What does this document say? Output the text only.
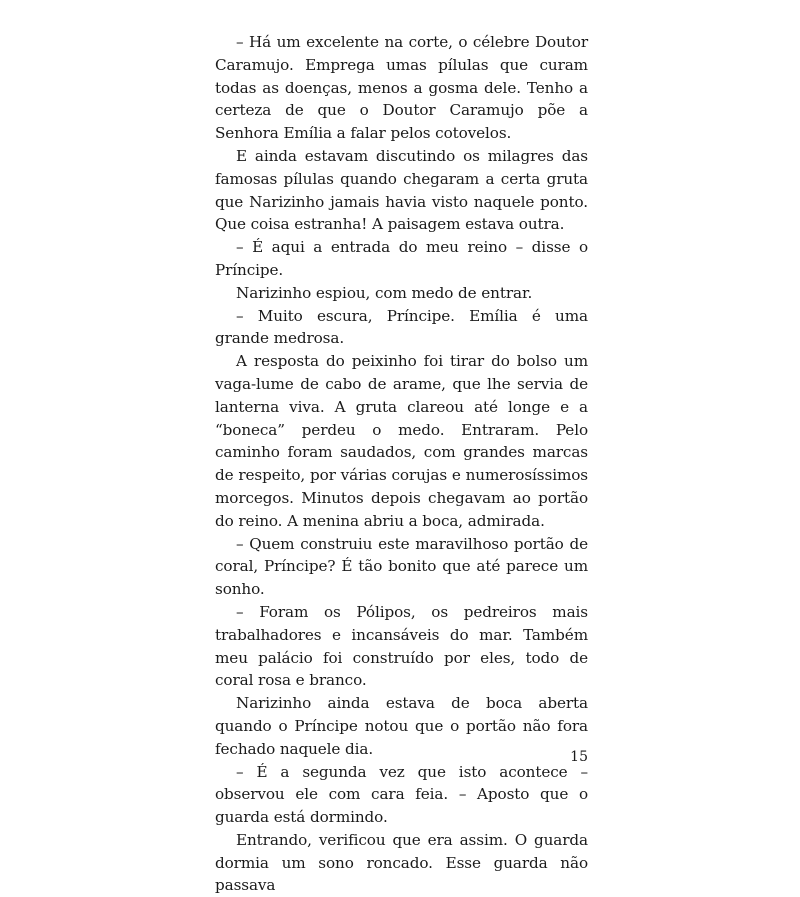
– Há um excelente na corte, o célebre Doutor Caramujo. Emprega umas pílulas que curam todas as doenças, menos a gosma dele. Tenho a certeza de que o Doutor Caramujo põe a Senhora Emília a falar pelos cotovelos.

E ainda estavam discutindo os milagres das famosas pílulas quando chegaram a certa gruta que Narizinho jamais havia visto naquele ponto. Que coisa estranha! A paisagem estava outra.

– É aqui a entrada do meu reino – disse o Príncipe.

Narizinho espiou, com medo de entrar.

– Muito escura, Príncipe. Emília é uma grande medrosa.

A resposta do peixinho foi tirar do bolso um vaga-lume de cabo de arame, que lhe servia de lanterna viva. A gruta clareou até longe e a “boneca” perdeu o medo. Entraram. Pelo caminho foram saudados, com grandes marcas de respeito, por várias corujas e numerosíssimos morcegos. Minutos depois chegavam ao portão do reino. A menina abriu a boca, admirada.

– Quem construiu este maravilhoso portão de coral, Príncipe? É tão bonito que até parece um sonho.

– Foram os Pólipos, os pedreiros mais trabalhadores e incansáveis do mar. Também meu palácio foi construído por eles, todo de coral rosa e branco.

Narizinho ainda estava de boca aberta quando o Príncipe notou que o portão não fora fechado naquele dia.

– É a segunda vez que isto acontece – observou ele com cara feia. – Aposto que o guarda está dormindo.

Entrando, verificou que era assim. O guarda dormia um sono roncado. Esse guarda não passava

15
